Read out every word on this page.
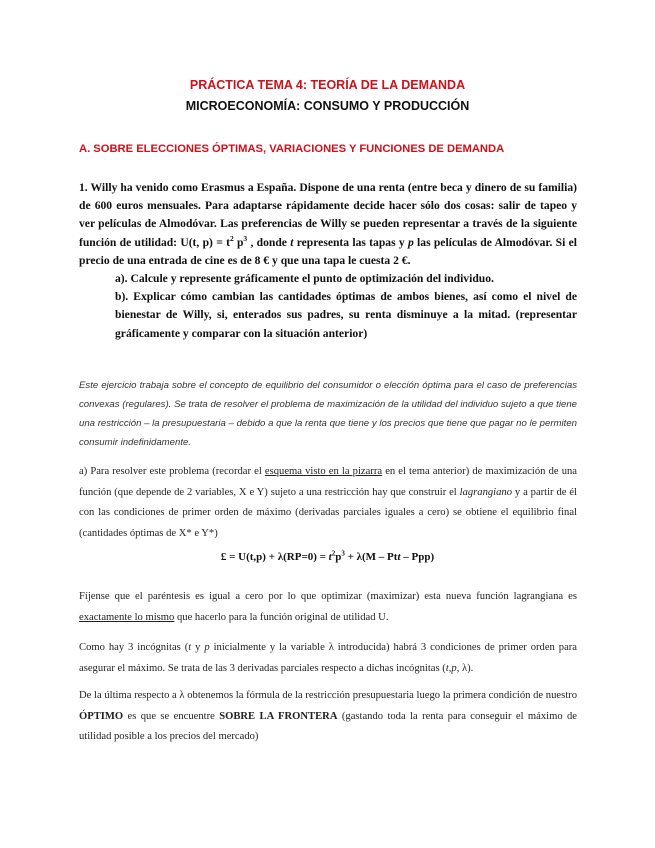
PRÁCTICA TEMA 4: TEORÍA DE LA DEMANDA
MICROECONOMÍA: CONSUMO Y PRODUCCIÓN
A. SOBRE ELECCIONES ÓPTIMAS, VARIACIONES Y FUNCIONES DE DEMANDA
1. Willy ha venido como Erasmus a España. Dispone de una renta (entre beca y dinero de su familia) de 600 euros mensuales. Para adaptarse rápidamente decide hacer sólo dos cosas: salir de tapeo y ver películas de Almodóvar. Las preferencias de Willy se pueden representar a través de la siguiente función de utilidad: U(t, $p) = t^2$ $p^3$ , donde t representa las tapas y p las películas de Almodóvar. Si el precio de una entrada de cine es de 8 € y que una tapa le cuesta 2 €.
a). Calcule y represente gráficamente el punto de optimización del individuo.
b). Explicar cómo cambian las cantidades óptimas de ambos bienes, así como el nivel de bienestar de Willy, si, enterados sus padres, su renta disminuye a la mitad. (representar gráficamente y comparar con la situación anterior)
Este ejercicio trabaja sobre el concepto de equilibrio del consumidor o elección óptima para el caso de preferencias convexas (regulares). Se trata de resolver el problema de maximización de la utilidad del individuo sujeto a que tiene una restricción – la presupuestaria – debido a que la renta que tiene y los precios que tiene que pagar no le permiten consumir indefinidamente.
a) Para resolver este problema (recordar el esquema visto en la pizarra en el tema anterior) de maximización de una función (que depende de 2 variables, X e Y) sujeto a una restricción hay que construir el lagrangiano y a partir de él con las condiciones de primer orden de máximo (derivadas parciales iguales a cero) se obtiene el equilibrio final (cantidades óptimas de X* e Y*)
£ = $U(t,p) + \lambda(RP=0) = t^2p^3 + \lambda(M$ – Ptt – Ppp)
Fíjense que el paréntesis es igual a cero por lo que optimizar (maximizar) esta nueva función lagrangiana es exactamente lo mismo que hacerlo para la función original de utilidad U.
Como hay 3 incógnitas (t y p inicialmente y la variable λ introducida) habrá 3 condiciones de primer orden para asegurar el máximo. Se trata de las 3 derivadas parciales respecto a dichas incógnitas (t,p, λ).
De la última respecto a λ obtenemos la fórmula de la restricción presupuestaria luego la primera condición de nuestro ÓPTIMO es que se encuentre SOBRE LA FRONTERA (gastando toda la renta para conseguir el máximo de utilidad posible a los precios del mercado)
